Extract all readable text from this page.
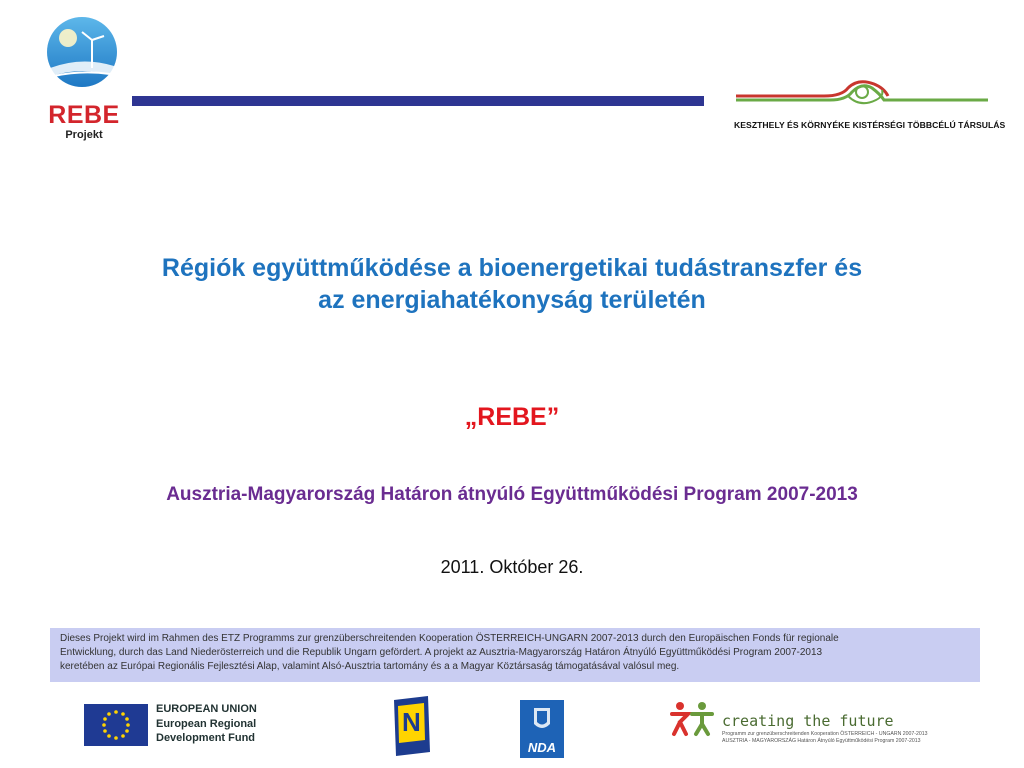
REBE
Projekt
KESZTHELY ÉS KÖRNYÉKE KISTÉRSÉGI TÖBBCÉLÚ TÁRSULÁS
Régiók együttműködése a bioenergetikai tudástranszfer és
az energiahatékonyság területén
„REBE”
Ausztria-Magyarország Határon átnyúló Együttműködési Program 2007-2013
2011. Október 26.
Dieses Projekt wird im Rahmen des ETZ Programms zur grenzüberschreitenden Kooperation ÖSTERREICH-UNGARN 2007-2013 durch den Europäischen Fonds für regionale
Entwicklung, durch das Land Niederösterreich und die Republik Ungarn gefördert. A projekt az Ausztria-Magyarország Határon Átnyúló Együttműködési Program 2007-2013
keretében az Európai Regionális Fejlesztési Alap, valamint Alsó-Ausztria tartomány és a a Magyar Köztársaság támogatásával valósul meg.
EUROPEAN UNION
European Regional
Development Fund
N
NDA
creating the future
Programm zur grenzüberschreitenden Kooperation ÖSTERREICH - UNGARN 2007-2013
AUSZTRIA - MAGYARORSZÁG Határon Átnyúló Együttműködési Program 2007-2013
